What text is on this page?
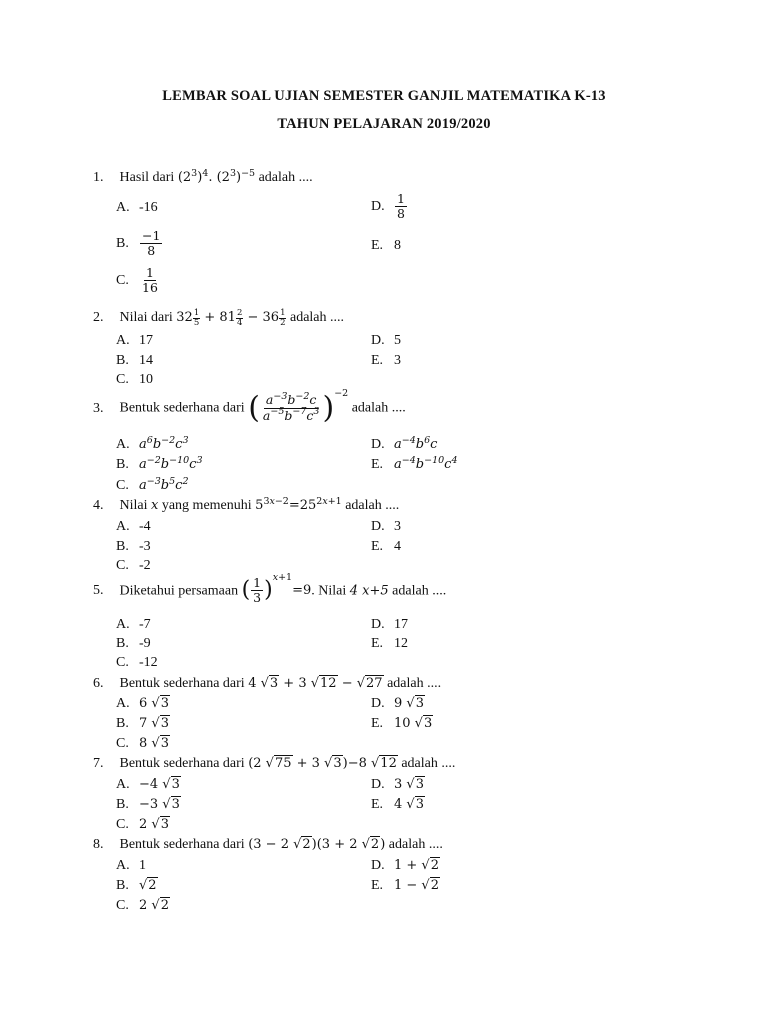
LEMBAR SOAL UJIAN SEMESTER GANJIL MATEMATIKA K-13
TAHUN PELAJARAN 2019/2020
1. Hasil dari $(2^3)^4$. $(2^3)^{-5}$ adalah ....
A. -16	D. $\frac{1}{8}$
B. $\frac{-1}{8}$	E. 8
C. $\frac{1}{16}$
2. Nilai dari $32 \frac{1}{5} + 81 \frac{2}{4} - 36 \frac{1}{2}$ adalah ....
A. 17	D. 5
B. 14	E. 3
C. 10
3. Bentuk sederhana dari ( $\frac{a^{-3}b^{-2}c}{a^{-5}b^{-7}c^3} )^{-2}$ adalah ....
A. $a^6b^{-2}c^3$	D. $a^{-4}b^6c$
B. $a^{-2}b^{-10}c^3$	E. $a^{-4}b^{-10}c^4$
C. $a^{-3}b^5c^2$
4. Nilai x yang memenuhi $5^{3x-2}=25^{2x+1}$ adalah ....
A. -4	D. 3
B. -3	E. 4
C. -2
5. Diketahui persamaan ( $\frac{1}{3} )^{x+1}=9$. Nilai 4 x+5 adalah ....
A. -7	D. 17
B. -9	E. 12
C. -12
6. Bentuk sederhana dari 4 √3 + 3 √12 − √27 adalah ....
A. 6 √3	D. 9 √3
B. 7 √3	E. 10 √3
C. 8 √3
7. Bentuk sederhana dari (2 √75 + 3 √3)−8 √12 adalah ....
A. −4 √3	D. 3 √3
B. −3 √3	E. 4 √3
C. 2 √3
8. Bentuk sederhana dari (3 − 2 √2)(3 + 2 √2) adalah ....
A. 1	D. 1 + √2
B. √2	E. 1 − √2
C. 2 √2
